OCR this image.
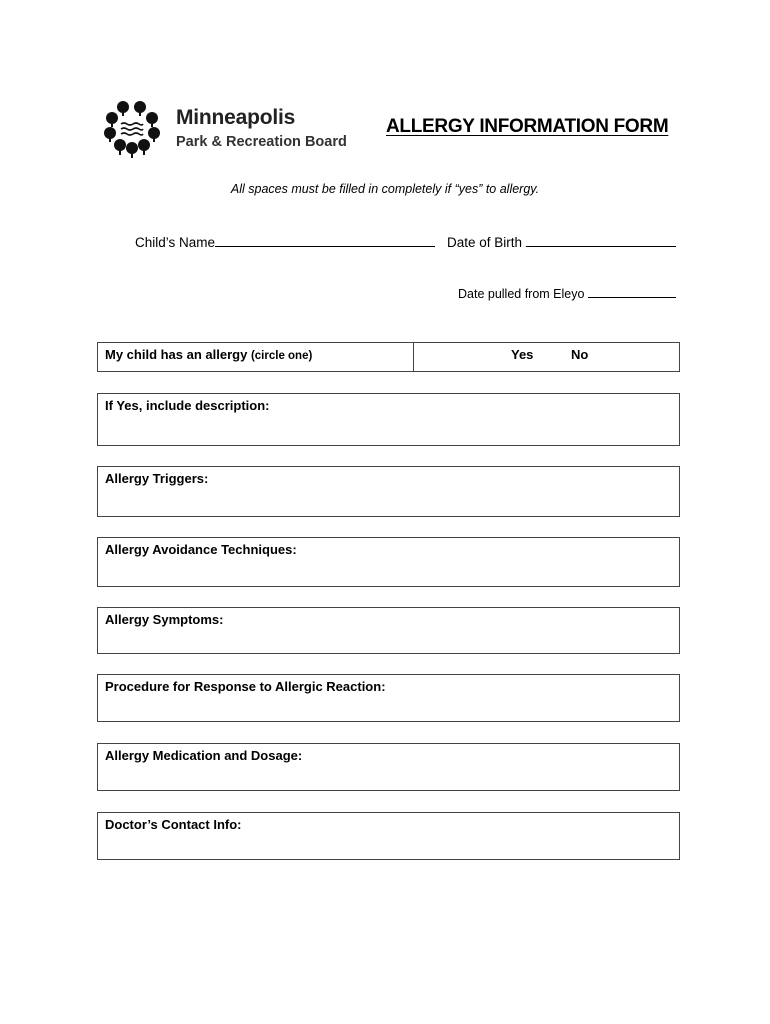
Minneapolis
Park & Recreation Board
ALLERGY INFORMATION FORM
All spaces must be filled in completely if “yes” to allergy.
Child’s Name	Date of Birth
Date pulled from Eleyo
My child has an allergy (circle one)	Yes	No
If Yes, include description:
Allergy Triggers:
Allergy Avoidance Techniques:
Allergy Symptoms:
Procedure for Response to Allergic Reaction:
Allergy Medication and Dosage:
Doctor’s Contact Info:
